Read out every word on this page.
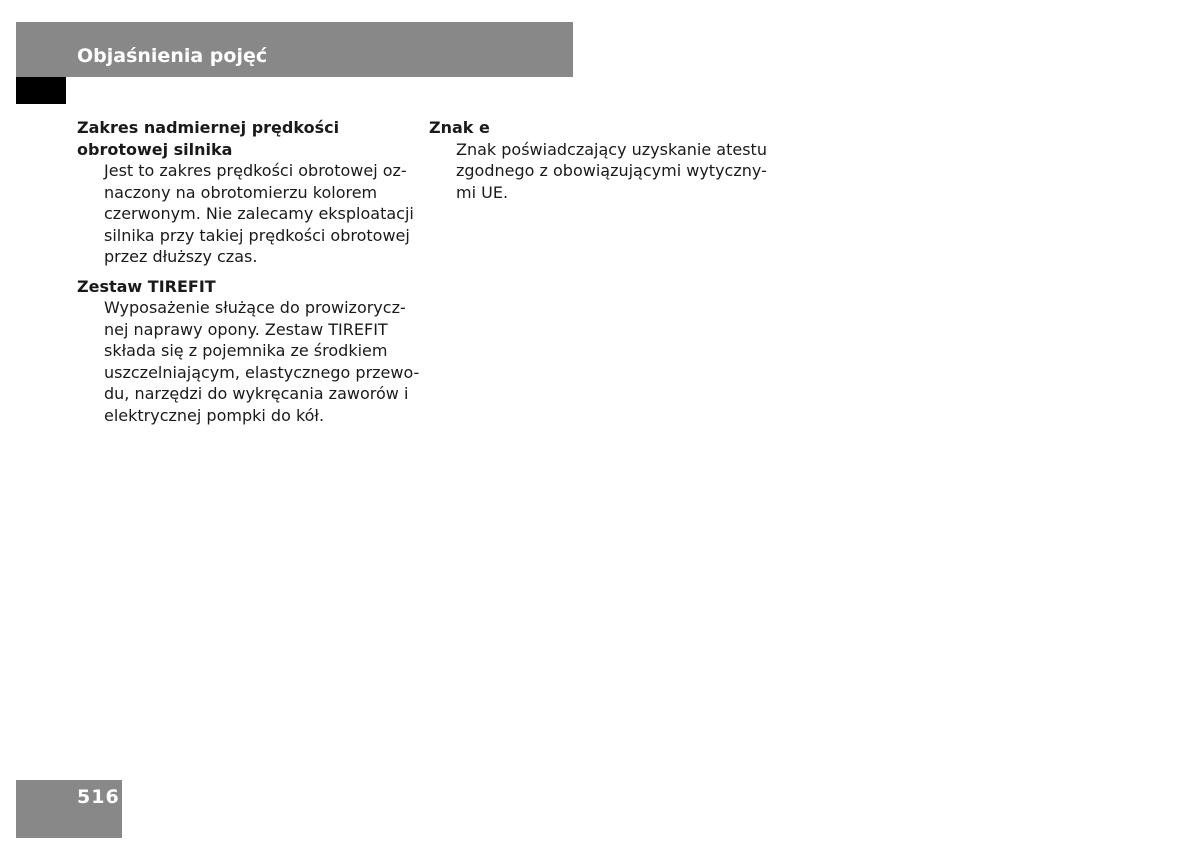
Objaśnienia pojęć
Zakres nadmiernej prędkości
obrotowej silnika
Jest to zakres prędkości obrotowej oz-
naczony na obrotomierzu kolorem
czerwonym. Nie zalecamy eksploatacji
silnika przy takiej prędkości obrotowej
przez dłuższy czas.
Zestaw TIREFIT
Wyposażenie służące do prowizorycz-
nej naprawy opony. Zestaw TIREFIT
składa się z pojemnika ze środkiem
uszczelniającym, elastycznego przewo-
du, narzędzi do wykręcania zaworów i
elektrycznej pompki do kół.
Znak e
Znak poświadczający uzyskanie atestu
zgodnego z obowiązującymi wytyczny-
mi UE.
516
